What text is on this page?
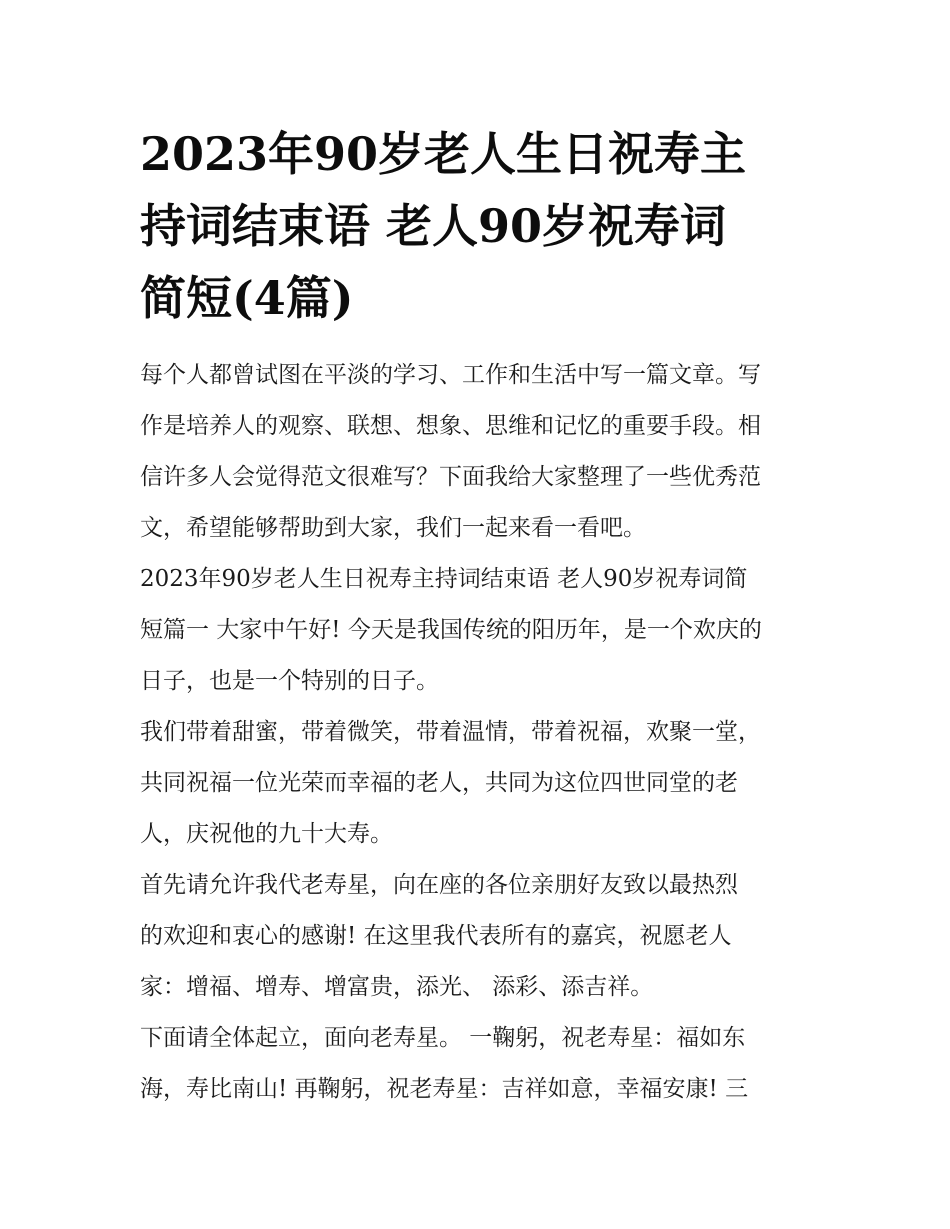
2023年90岁老人生日祝寿主
持词结束语 老人90岁祝寿词
简短(4篇)

每个人都曾试图在平淡的学习、工作和生活中写一篇文章。写
作是培养人的观察、联想、想象、思维和记忆的重要手段。相
信许多人会觉得范文很难写？下面我给大家整理了一些优秀范
文，希望能够帮助到大家，我们一起来看一看吧。

2023年90岁老人生日祝寿主持词结束语 老人90岁祝寿词简
短篇一 大家中午好! 今天是我国传统的阳历年，是一个欢庆的
日子，也是一个特别的日子。

我们带着甜蜜，带着微笑，带着温情，带着祝福，欢聚一堂，
共同祝福一位光荣而幸福的老人，共同为这位四世同堂的老
人，庆祝他的九十大寿。

首先请允许我代老寿星，向在座的各位亲朋好友致以最热烈
的欢迎和衷心的感谢! 在这里我代表所有的嘉宾，祝愿老人
家：增福、增寿、增富贵，添光、 添彩、添吉祥。

下面请全体起立，面向老寿星。 一鞠躬，祝老寿星：福如东
海，寿比南山! 再鞠躬，祝老寿星：吉祥如意，幸福安康! 三
